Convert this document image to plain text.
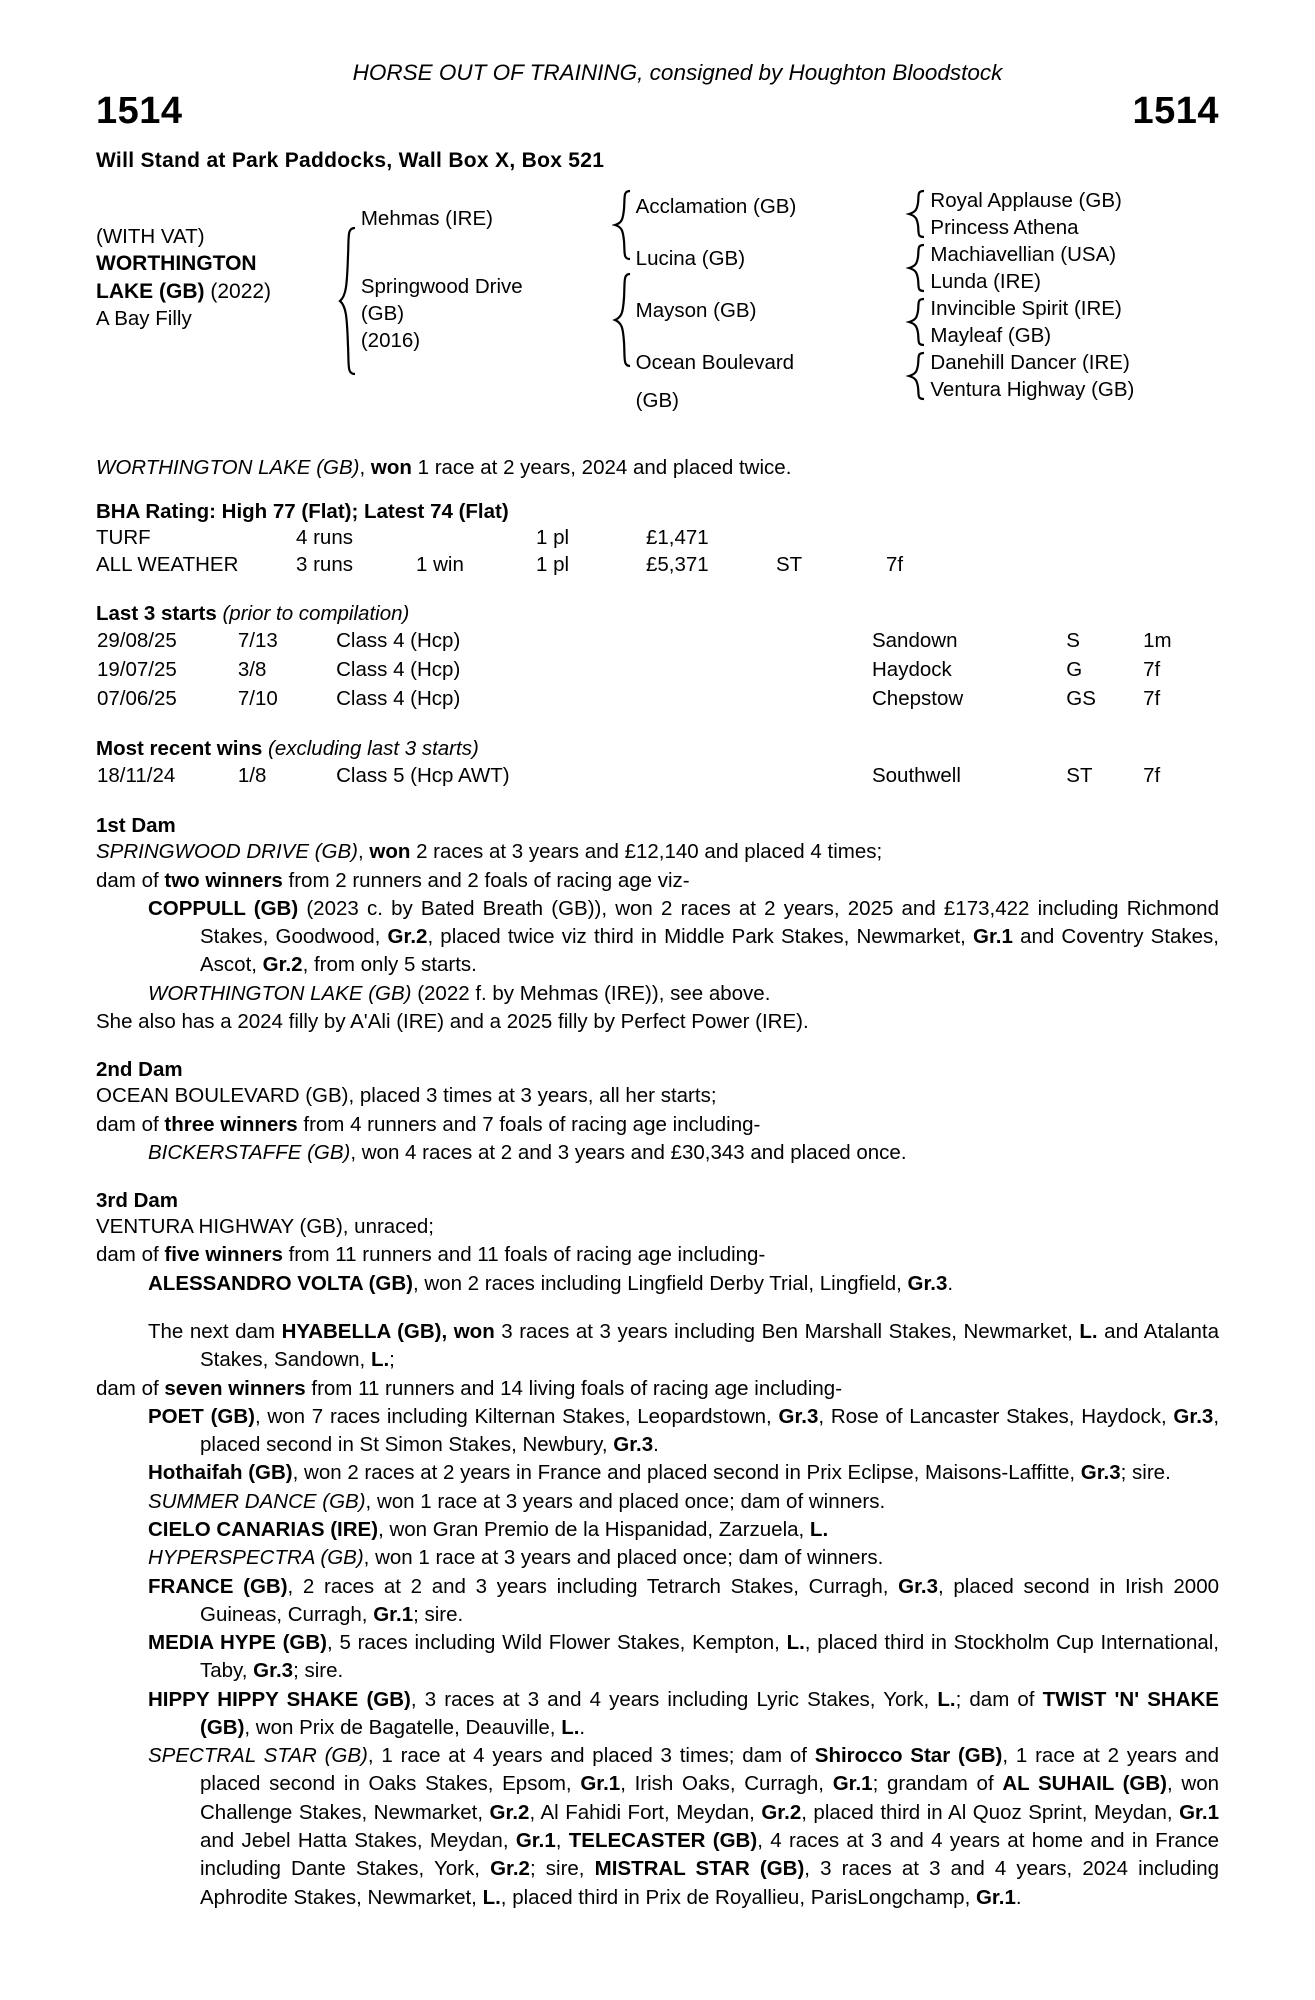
HORSE OUT OF TRAINING, consigned by Houghton Bloodstock
1514	1514
Will Stand at Park Paddocks, Wall Box X, Box 521
(WITH VAT)
WORTHINGTON
LAKE (GB) (2022)
A Bay Filly
Mehmas (IRE)
Springwood Drive
(GB)
(2016)
Acclamation (GB)
Lucina (GB)
Mayson (GB)
Ocean Boulevard
(GB)
Royal Applause (GB)
Princess Athena
Machiavellian (USA)
Lunda (IRE)
Invincible Spirit (IRE)
Mayleaf (GB)
Danehill Dancer (IRE)
Ventura Highway (GB)
WORTHINGTON LAKE (GB), won 1 race at 2 years, 2024 and placed twice.
BHA Rating: High 77 (Flat); Latest 74 (Flat)
TURF	4 runs		1 pl	£1,471		
ALL WEATHER	3 runs	1 win	1 pl	£5,371	ST	7f
Last 3 starts (prior to compilation)
29/08/25	7/13	Class 4 (Hcp)	Sandown	S	1m
19/07/25	3/8	Class 4 (Hcp)	Haydock	G	7f
07/06/25	7/10	Class 4 (Hcp)	Chepstow	GS	7f
Most recent wins (excluding last 3 starts)
18/11/24	1/8	Class 5 (Hcp AWT)	Southwell	ST	7f
1st Dam
SPRINGWOOD DRIVE (GB), won 2 races at 3 years and £12,140 and placed 4 times;
dam of two winners from 2 runners and 2 foals of racing age viz-
COPPULL (GB) (2023 c. by Bated Breath (GB)), won 2 races at 2 years, 2025 and £173,422 including Richmond Stakes, Goodwood, Gr.2, placed twice viz third in Middle Park Stakes, Newmarket, Gr.1 and Coventry Stakes, Ascot, Gr.2, from only 5 starts.
WORTHINGTON LAKE (GB) (2022 f. by Mehmas (IRE)), see above.
She also has a 2024 filly by A'Ali (IRE) and a 2025 filly by Perfect Power (IRE).
2nd Dam
OCEAN BOULEVARD (GB), placed 3 times at 3 years, all her starts;
dam of three winners from 4 runners and 7 foals of racing age including-
BICKERSTAFFE (GB), won 4 races at 2 and 3 years and £30,343 and placed once.
3rd Dam
VENTURA HIGHWAY (GB), unraced;
dam of five winners from 11 runners and 11 foals of racing age including-
ALESSANDRO VOLTA (GB), won 2 races including Lingfield Derby Trial, Lingfield, Gr.3.
The next dam HYABELLA (GB), won 3 races at 3 years including Ben Marshall Stakes, Newmarket, L. and Atalanta Stakes, Sandown, L.;
dam of seven winners from 11 runners and 14 living foals of racing age including-
POET (GB), won 7 races including Kilternan Stakes, Leopardstown, Gr.3, Rose of Lancaster Stakes, Haydock, Gr.3, placed second in St Simon Stakes, Newbury, Gr.3.
Hothaifah (GB), won 2 races at 2 years in France and placed second in Prix Eclipse, Maisons-Laffitte, Gr.3; sire.
SUMMER DANCE (GB), won 1 race at 3 years and placed once; dam of winners.
CIELO CANARIAS (IRE), won Gran Premio de la Hispanidad, Zarzuela, L.
HYPERSPECTRA (GB), won 1 race at 3 years and placed once; dam of winners.
FRANCE (GB), 2 races at 2 and 3 years including Tetrarch Stakes, Curragh, Gr.3, placed second in Irish 2000 Guineas, Curragh, Gr.1; sire.
MEDIA HYPE (GB), 5 races including Wild Flower Stakes, Kempton, L., placed third in Stockholm Cup International, Taby, Gr.3; sire.
HIPPY HIPPY SHAKE (GB), 3 races at 3 and 4 years including Lyric Stakes, York, L.; dam of TWIST 'N' SHAKE (GB), won Prix de Bagatelle, Deauville, L..
SPECTRAL STAR (GB), 1 race at 4 years and placed 3 times; dam of Shirocco Star (GB), 1 race at 2 years and placed second in Oaks Stakes, Epsom, Gr.1, Irish Oaks, Curragh, Gr.1; grandam of AL SUHAIL (GB), won Challenge Stakes, Newmarket, Gr.2, Al Fahidi Fort, Meydan, Gr.2, placed third in Al Quoz Sprint, Meydan, Gr.1 and Jebel Hatta Stakes, Meydan, Gr.1, TELECASTER (GB), 4 races at 3 and 4 years at home and in France including Dante Stakes, York, Gr.2; sire, MISTRAL STAR (GB), 3 races at 3 and 4 years, 2024 including Aphrodite Stakes, Newmarket, L., placed third in Prix de Royallieu, ParisLongchamp, Gr.1.
